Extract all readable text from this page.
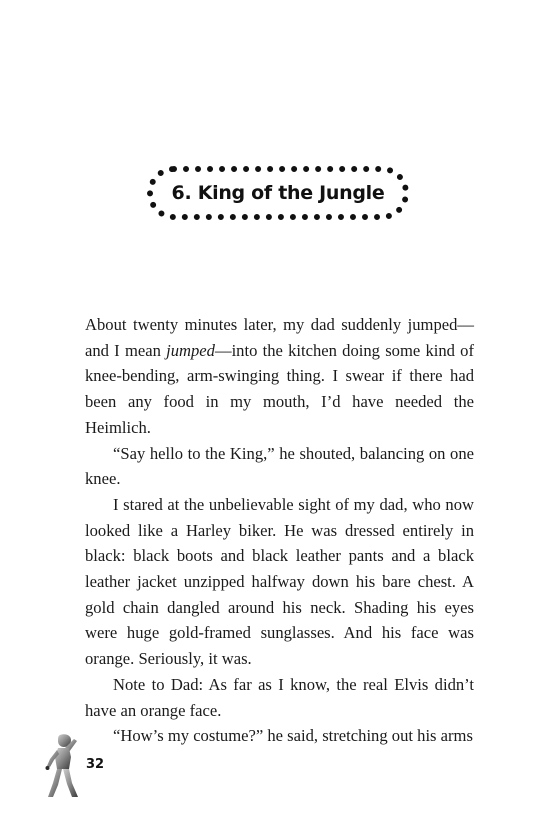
6. King of the Jungle

About twenty minutes later, my dad suddenly jumped—and I mean jumped—into the kitchen doing some kind of knee-bending, arm-swinging thing. I swear if there had been any food in my mouth, I’d have needed the Heimlich.

“Say hello to the King,” he shouted, balancing on one knee.

I stared at the unbelievable sight of my dad, who now looked like a Harley biker. He was dressed entirely in black: black boots and black leather pants and a black leather jacket unzipped halfway down his bare chest. A gold chain dangled around his neck. Shading his eyes were huge gold-framed sunglasses. And his face was orange. Seriously, it was.

Note to Dad: As far as I know, the real Elvis didn’t have an orange face.

“How’s my costume?” he said, stretching out his arms

32
